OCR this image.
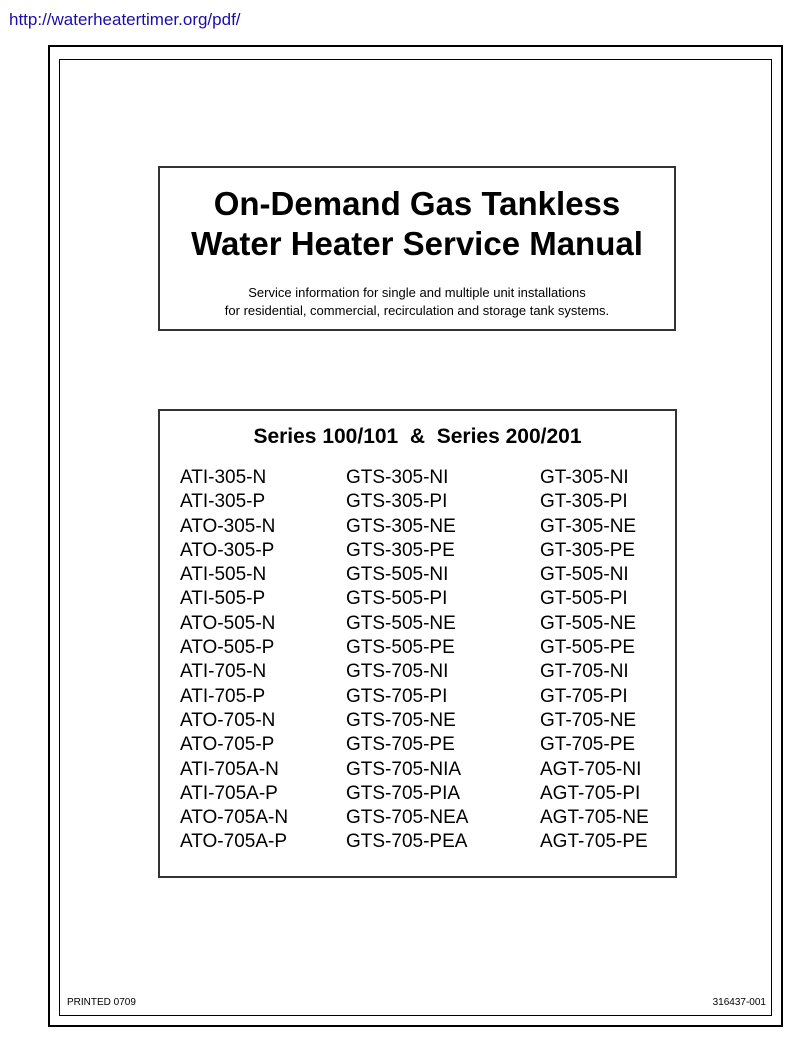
http://waterheatertimer.org/pdf/
On-Demand Gas Tankless
Water Heater Service Manual
Service information for single and multiple unit installations
for residential, commercial, recirculation and storage tank systems.
Series 100/101  &  Series 200/201
ATI-305-N
ATI-305-P
ATO-305-N
ATO-305-P
ATI-505-N
ATI-505-P
ATO-505-N
ATO-505-P
ATI-705-N
ATI-705-P
ATO-705-N
ATO-705-P
ATI-705A-N
ATI-705A-P
ATO-705A-N
ATO-705A-P
GTS-305-NI
GTS-305-PI
GTS-305-NE
GTS-305-PE
GTS-505-NI
GTS-505-PI
GTS-505-NE
GTS-505-PE
GTS-705-NI
GTS-705-PI
GTS-705-NE
GTS-705-PE
GTS-705-NIA
GTS-705-PIA
GTS-705-NEA
GTS-705-PEA
GT-305-NI
GT-305-PI
GT-305-NE
GT-305-PE
GT-505-NI
GT-505-PI
GT-505-NE
GT-505-PE
GT-705-NI
GT-705-PI
GT-705-NE
GT-705-PE
AGT-705-NI
AGT-705-PI
AGT-705-NE
AGT-705-PE
PRINTED 0709	316437-001
